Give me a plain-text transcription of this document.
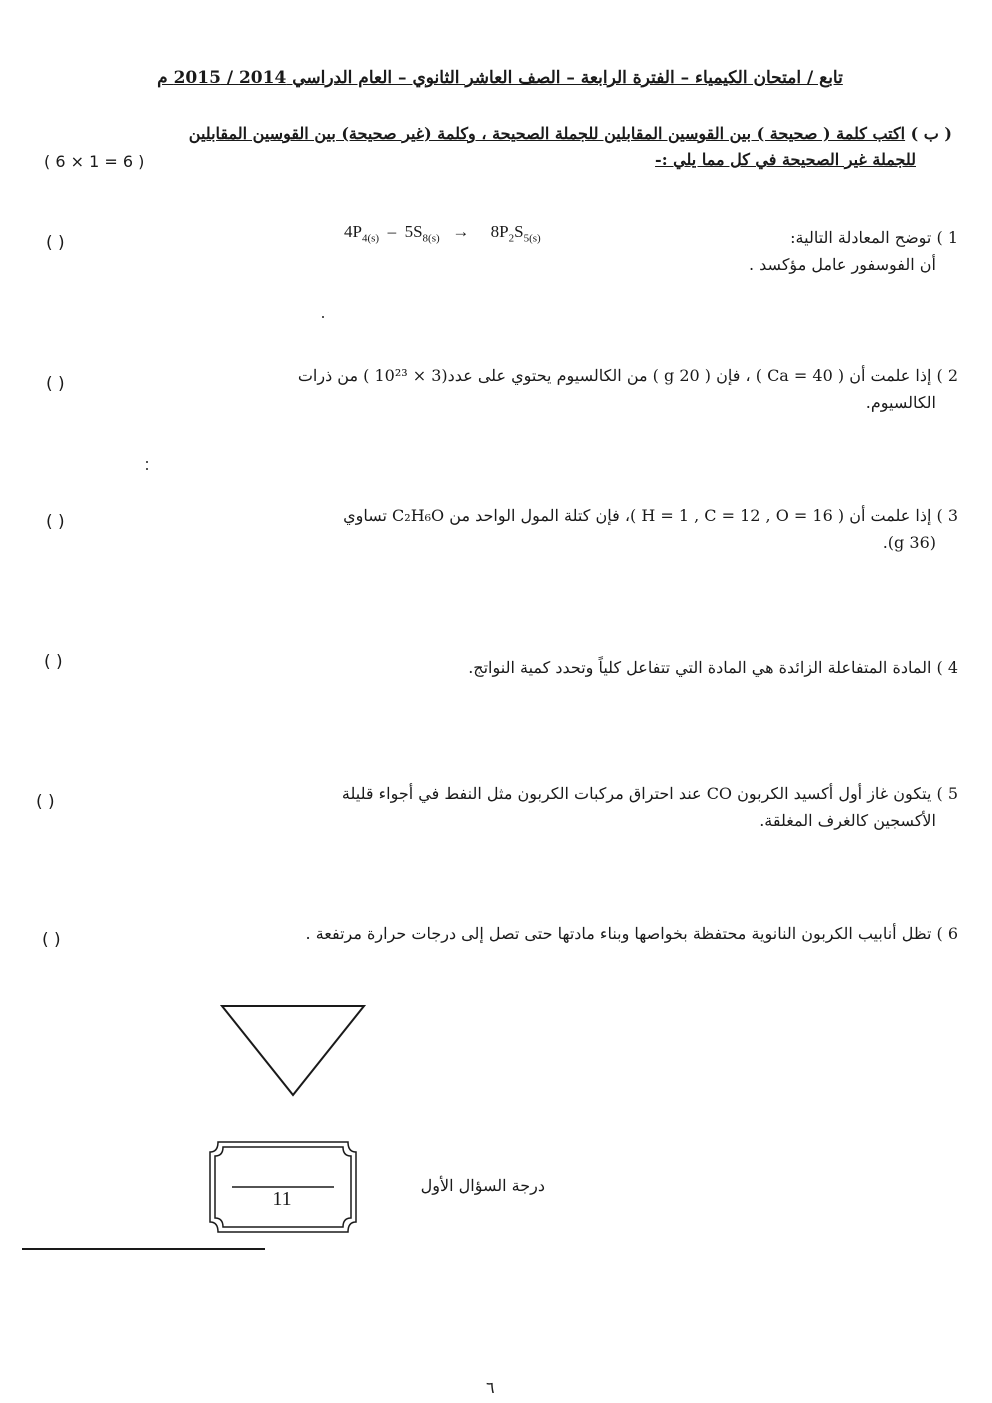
تابع / امتحان الكيمياء – الفترة الرابعة – الصف العاشر الثانوي – العام الدراسي 2014 / 2015 م
( ب ) اكتب كلمة ( صحيحة ) بين القوسين المقابلين للجملة الصحيحة ، وكلمة (غير صحيحة) بين القوسين المقابلين
للجملة غير الصحيحة في كل مما يلي :-
( 6 × 1 = 6 )
1 ) توضح المعادلة التالية:
أن الفوسفور عامل مؤكسد .
$4P_{4(s)} - 5S_{8(s)} \to 8P_2S_{5(s)}$
( )
2 ) إذا علمت أن ( Ca = 40 ) ، فإن ( 20 g ) من الكالسيوم يحتوي على عدد(3 × 10²³ ) من ذرات
الكالسيوم.
( )
3 ) إذا علمت أن ( H = 1 , C = 12 , O = 16 )، فإن كتلة المول الواحد من C₂H₆O تساوي
(36 g).
( )
4 ) المادة المتفاعلة الزائدة هي المادة التي تتفاعل كلياً وتحدد كمية النواتج.
( )
5 ) يتكون غاز أول أكسيد الكربون CO عند احتراق مركبات الكربون مثل النفط في أجواء قليلة
الأكسجين كالغرف المغلقة.
( )
6 ) تظل أنابيب الكربون النانوية محتفظة بخواصها وبناء مادتها حتى تصل إلى درجات حرارة مرتفعة .
( )
11
درجة السؤال الأول
٦
